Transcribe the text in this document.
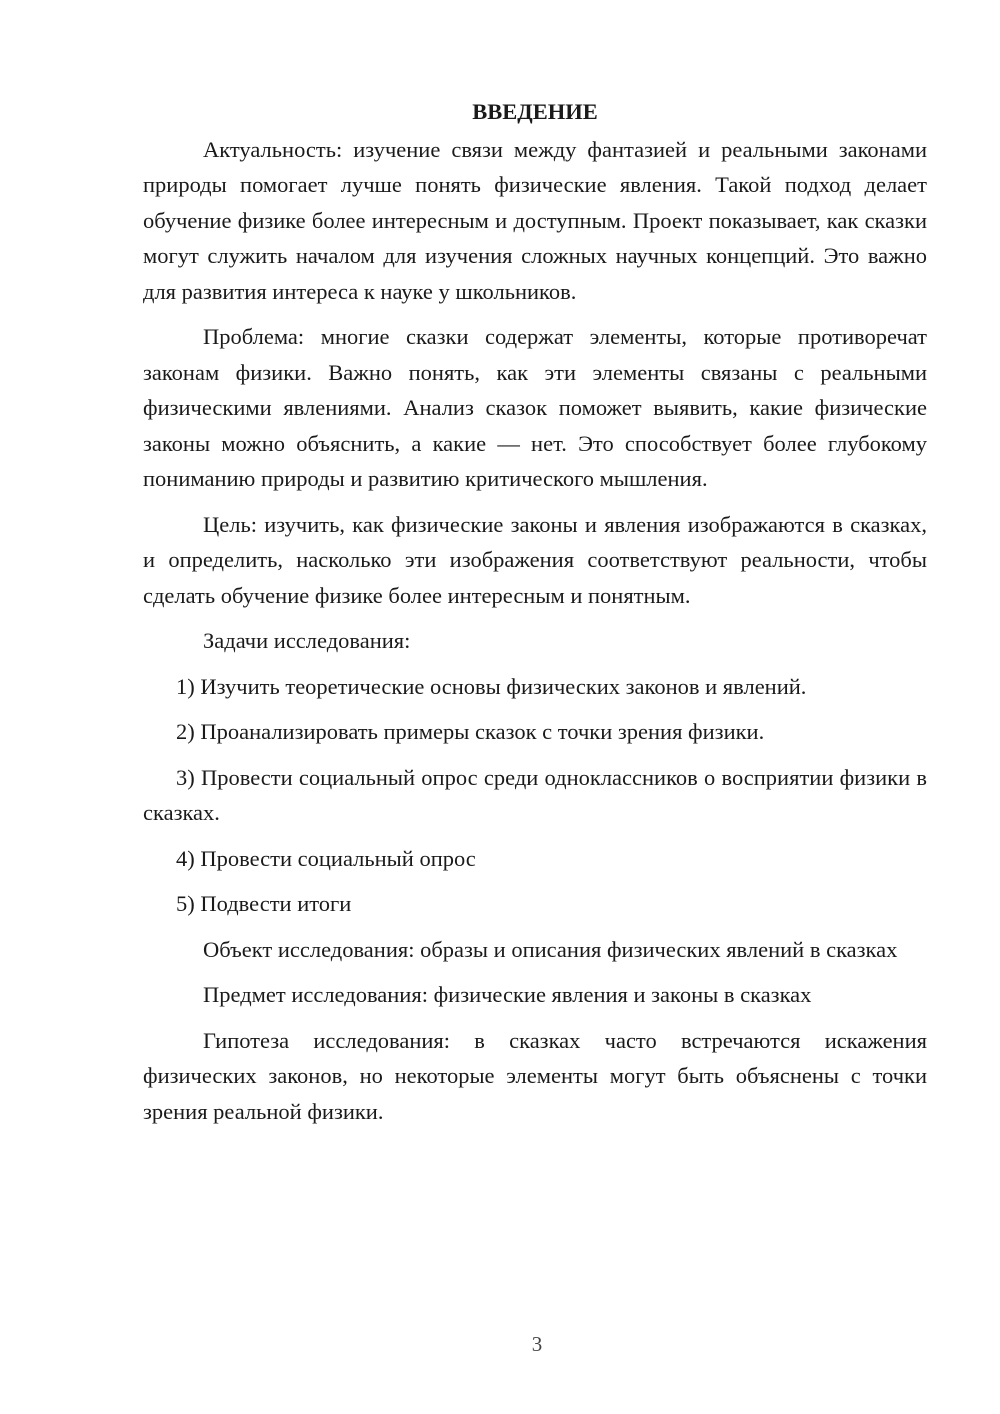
ВВЕДЕНИЕ

Актуальность: изучение связи между фантазией и реальными законами природы помогает лучше понять физические явления. Такой подход делает обучение физике более интересным и доступным. Проект показывает, как сказки могут служить началом для изучения сложных научных концепций. Это важно для развития интереса к науке у школьников.

Проблема: многие сказки содержат элементы, которые противоречат законам физики. Важно понять, как эти элементы связаны с реальными физическими явлениями. Анализ сказок поможет выявить, какие физические законы можно объяснить, а какие — нет. Это способствует более глубокому пониманию природы и развитию критического мышления.

Цель: изучить, как физические законы и явления изображаются в сказках, и определить, насколько эти изображения соответствуют реальности, чтобы сделать обучение физике более интересным и понятным.

Задачи исследования:

1) Изучить теоретические основы физических законов и явлений.

2) Проанализировать примеры сказок с точки зрения физики.

3) Провести социальный опрос среди одноклассников о восприятии физики в сказках.

4) Провести социальный опрос

5) Подвести итоги

Объект исследования: образы и описания физических явлений в сказках

Предмет исследования: физические явления и законы в сказках

Гипотеза исследования: в сказках часто встречаются искажения физических законов, но некоторые элементы могут быть объяснены с точки зрения реальной физики.

3
